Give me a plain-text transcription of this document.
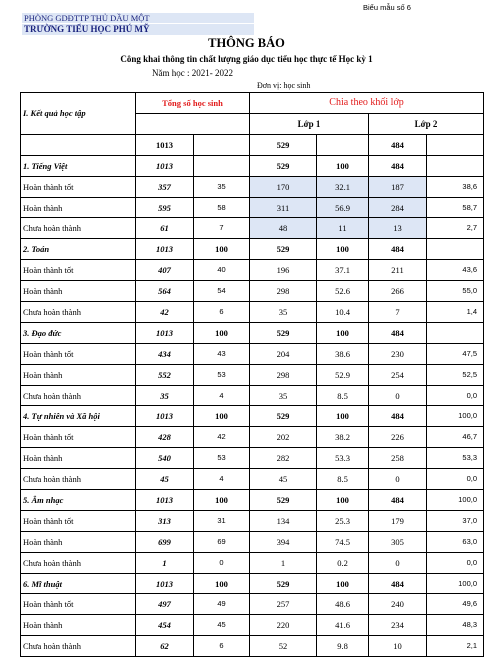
Biểu mẫu số 6
PHÒNG GDĐTTP THỦ DẦU MỘT
TRƯỜNG TIỂU HỌC PHÚ MỸ
THÔNG BÁO
Công khai thông tin chất lượng giáo dục tiểu học thực tế Học kỳ 1
Năm học : 2021- 2022
Đơn vị: học sinh
I. Kết quả học tập	Tổng số học sinh		Chia theo khối lớp			
			Lớp 1		Lớp 2	
	1013		529		484	
1. Tiếng Việt	1013		529	100	484	
Hoàn thành tốt	357	35	170	32.1	187	38,6
Hoàn thành	595	58	311	56.9	284	58,7
Chưa hoàn thành	61	7	48	11	13	2,7
2. Toán	1013	100	529	100	484	
Hoàn thành tốt	407	40	196	37.1	211	43,6
Hoàn thành	564	54	298	52.6	266	55,0
Chưa hoàn thành	42	6	35	10.4	7	1,4
3. Đạo đức	1013	100	529	100	484	
Hoàn thành tốt	434	43	204	38.6	230	47,5
Hoàn thành	552	53	298	52.9	254	52,5
Chưa hoàn thành	35	4	35	8.5	0	0,0
4. Tự nhiên và Xã hội	1013	100	529	100	484	100,0
Hoàn thành tốt	428	42	202	38.2	226	46,7
Hoàn thành	540	53	282	53.3	258	53,3
Chưa hoàn thành	45	4	45	8.5	0	0,0
5. Âm nhạc	1013	100	529	100	484	100,0
Hoàn thành tốt	313	31	134	25.3	179	37,0
Hoàn thành	699	69	394	74.5	305	63,0
Chưa hoàn thành	1	0	1	0.2	0	0,0
6. Mĩ thuật	1013	100	529	100	484	100,0
Hoàn thành tốt	497	49	257	48.6	240	49,6
Hoàn thành	454	45	220	41.6	234	48,3
Chưa hoàn thành	62	6	52	9.8	10	2,1
